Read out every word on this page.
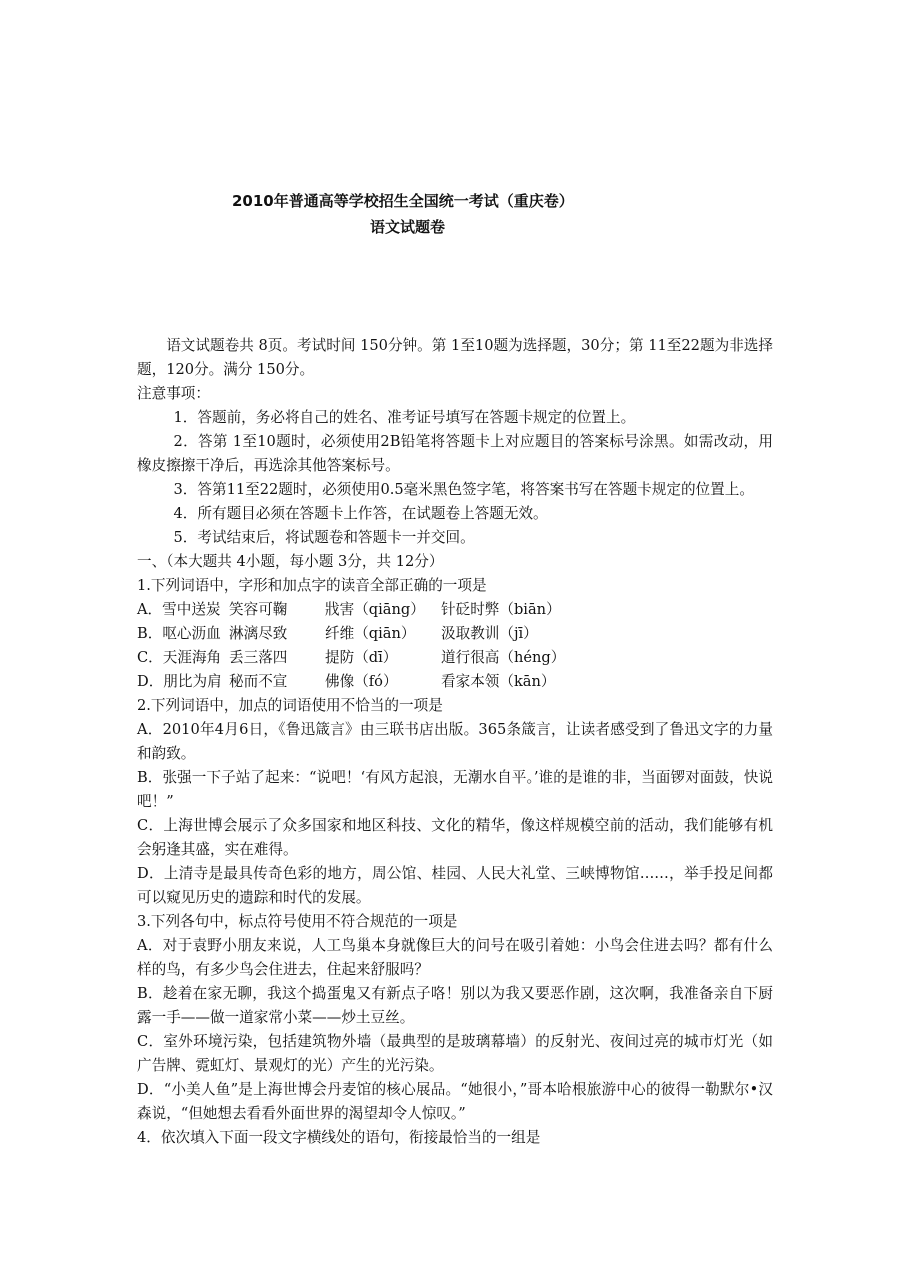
2010年普通高等学校招生全国统一考试（重庆卷）
语文试题卷

语文试题卷共 8页。考试时间 150分钟。第 1至10题为选择题，30分；第 11至22题为非选择题，120分。满分 150分。

注意事项：

1．答题前，务必将自己的姓名、准考证号填写在答题卡规定的位置上。

2．答第 1至10题时，必须使用2B铅笔将答题卡上对应题目的答案标号涂黑。如需改动，用橡皮擦擦干净后，再选涂其他答案标号。

3．答第11至22题时，必须使用0.5毫米黑色签字笔，将答案书写在答题卡规定的位置上。

4．所有题目必须在答题卡上作答，在试题卷上答题无效。

5．考试结束后，将试题卷和答题卡一并交回。

一、（本大题共 4小题，每小题 3分，共 12分）

1.下列词语中，字形和加点字的读音全部正确的一项是

A．雪中送炭 笑容可鞠	戕害（qiāng）	针砭时弊（biān）
B．呕心沥血 淋漓尽致	纤维（qiān）	汲取教训（jī）
C．天涯海角 丢三落四	提防（dī）	道行很高（héng）
D．朋比为肩 秘而不宣	佛像（fó）	看家本领（kān）

2.下列词语中，加点的词语使用不恰当的一项是

A．2010年4月6日，《鲁迅箴言》由三联书店出版。365条箴言，让读者感受到了鲁迅文字的力量和韵致。

B．张强一下子站了起来：“说吧！‘有风方起浪，无潮水自平。’谁的是谁的非，当面锣对面鼓，快说吧！”

C．上海世博会展示了众多国家和地区科技、文化的精华，像这样规模空前的活动，我们能够有机会躬逢其盛，实在难得。

D．上清寺是最具传奇色彩的地方，周公馆、桂园、人民大礼堂、三峡博物馆……，举手投足间都可以窥见历史的遗踪和时代的发展。

3.下列各句中，标点符号使用不符合规范的一项是

A．对于袁野小朋友来说，人工鸟巢本身就像巨大的问号在吸引着她：小鸟会住进去吗？都有什么样的鸟，有多少鸟会住进去，住起来舒服吗？

B．趁着在家无聊，我这个捣蛋鬼又有新点子咯！别以为我又要恶作剧，这次啊，我准备亲自下厨露一手——做一道家常小菜——炒土豆丝。

C．室外环境污染，包括建筑物外墙（最典型的是玻璃幕墙）的反射光、夜间过亮的城市灯光（如广告牌、霓虹灯、景观灯的光）产生的光污染。

D．“小美人鱼”是上海世博会丹麦馆的核心展品。“她很小，”哥本哈根旅游中心的彼得一勒默尔•汉森说，“但她想去看看外面世界的渴望却令人惊叹。”

4．依次填入下面一段文字横线处的语句，衔接最恰当的一组是
